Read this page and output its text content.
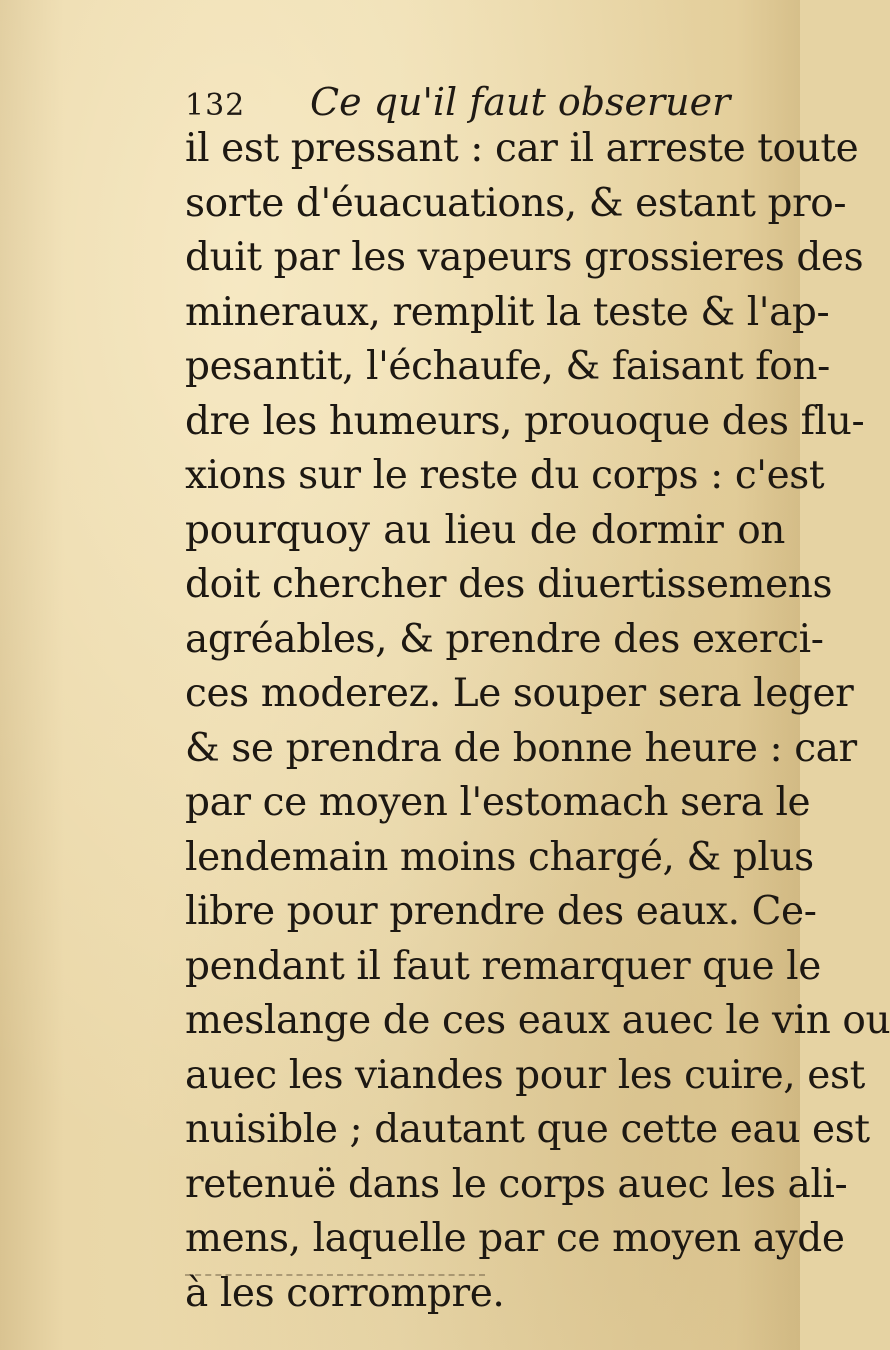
132 Ce qu'il faut obseruer
il est pressant : car il arreste toute
sorte d'éuacuations, & estant pro-
duit par les vapeurs grossieres des
mineraux, remplit la teste & l'ap-
pesantit, l'échaufe, & faisant fon-
dre les humeurs, prouoque des flu-
xions sur le reste du corps : c'est
pourquoy au lieu de dormir on
doit chercher des diuertissemens
agréables, & prendre des exerci-
ces moderez. Le souper sera leger
& se prendra de bonne heure : car
par ce moyen l'estomach sera le
lendemain moins chargé, & plus
libre pour prendre des eaux. Ce-
pendant il faut remarquer que le
meslange de ces eaux auec le vin ou
auec les viandes pour les cuire, est
nuisible ; dautant que cette eau est
retenuë dans le corps auec les ali-
mens, laquelle par ce moyen ayde
à les corrompre.
